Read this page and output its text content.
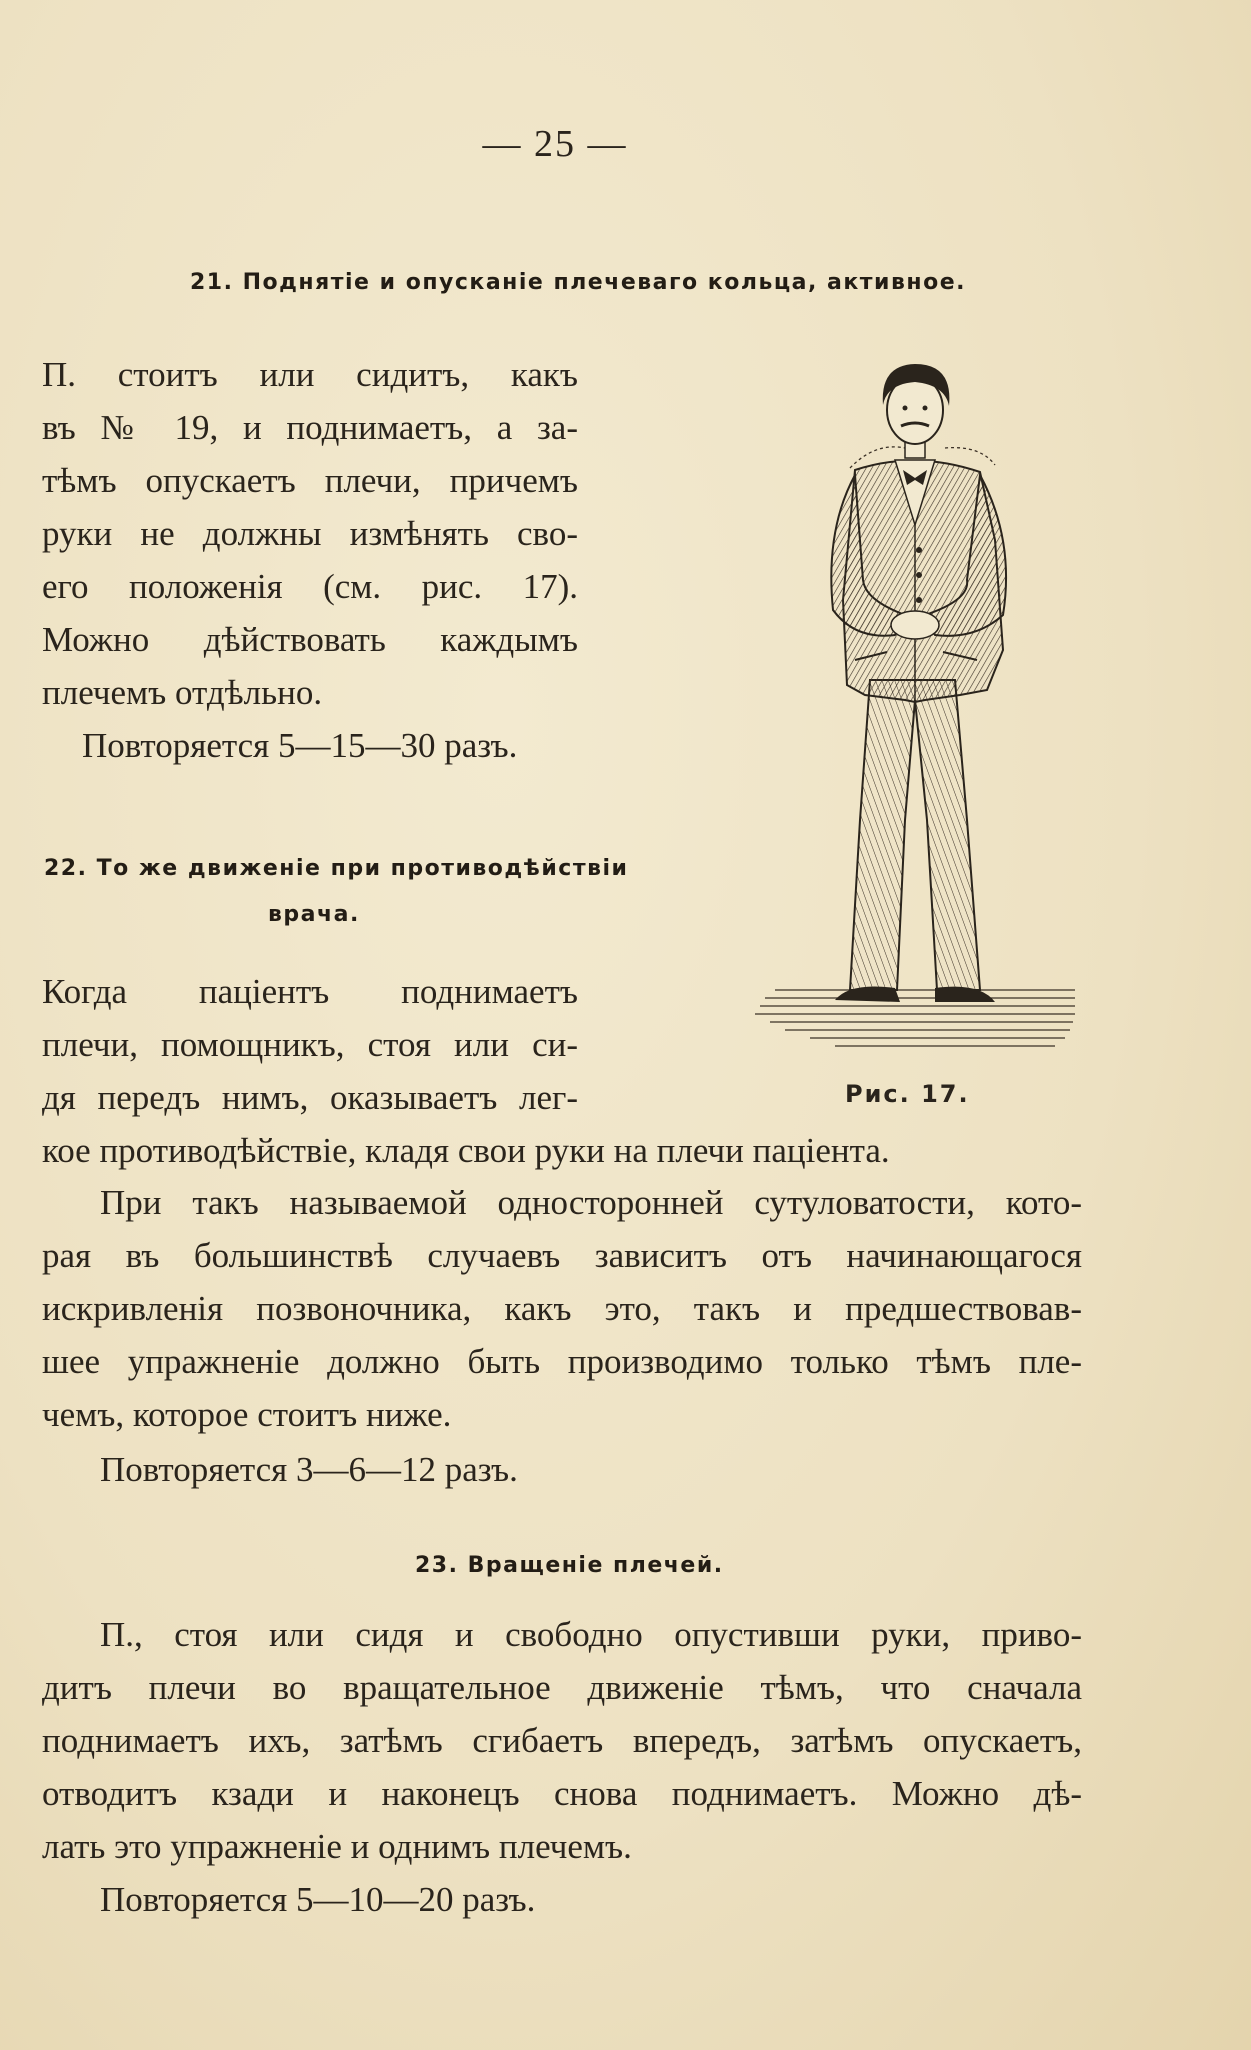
— 25 —
21. Поднятіе и опусканіе плечеваго кольца, активное.
П. стоитъ или сидитъ, какъ
въ № 19, и поднимаетъ, а за-
тѣмъ опускаетъ плечи, причемъ
руки не должны измѣнять сво-
его положенія (см. рис. 17).
Можно дѣйствовать каждымъ
плечемъ отдѣльно.
Повторяется 5—15—30 разъ.
22. То же движеніе при противодѣйствіи
врача.
Когда пацiентъ поднимаетъ
плечи, помощникъ, стоя или си-
дя передъ нимъ, оказываетъ лег-
кое противодѣйствіе, кладя свои руки на плечи паціента.
Рис. 17.
При такъ называемой односторонней сутуловатости, кото-
рая въ большинствѣ случаевъ зависитъ отъ начинающагося
искривленія позвоночника, какъ это, такъ и предшествовав-
шее упражненіе должно быть производимо только тѣмъ пле-
чемъ, которое стоитъ ниже.
Повторяется 3—6—12 разъ.
23. Вращеніе плечей.
П., стоя или сидя и свободно опустивши руки, приво-
дитъ плечи во вращательное движеніе тѣмъ, что сначала
поднимаетъ ихъ, затѣмъ сгибаетъ впередъ, затѣмъ опускаетъ,
отводитъ кзади и наконецъ снова поднимаетъ. Можно дѣ-
лать это упражненіе и однимъ плечемъ.
Повторяется 5—10—20 разъ.
